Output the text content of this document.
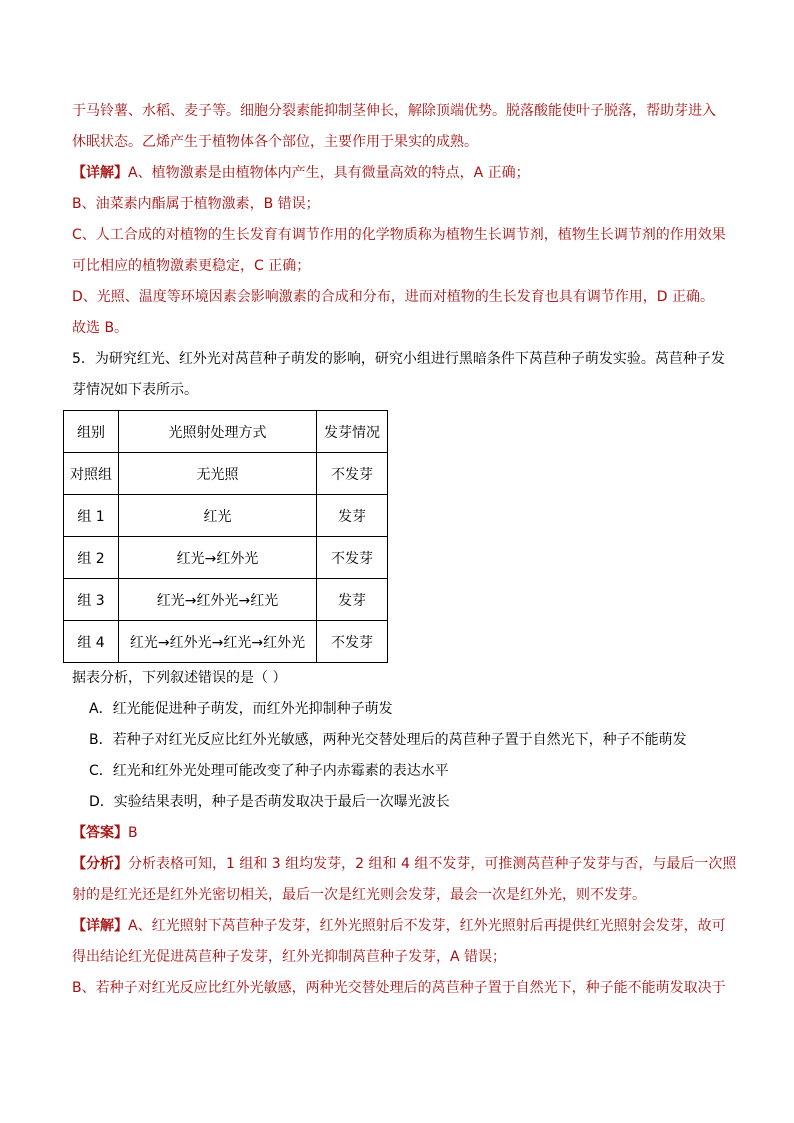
于马铃薯、水稻、麦子等。细胞分裂素能抑制茎伸长，解除顶端优势。脱落酸能使叶子脱落，帮助芽进入

休眠状态。乙烯产生于植物体各个部位，主要作用于果实的成熟。

【详解】A、植物激素是由植物体内产生，具有微量高效的特点，A 正确；

B、油菜素内酯属于植物激素，B 错误；

C、人工合成的对植物的生长发育有调节作用的化学物质称为植物生长调节剂，植物生长调节剂的作用效果

可比相应的植物激素更稳定，C 正确；

D、光照、温度等环境因素会影响激素的合成和分布，进而对植物的生长发育也具有调节作用，D 正确。

故选 B。

5．为研究红光、红外光对莴苣种子萌发的影响，研究小组进行黑暗条件下莴苣种子萌发实验。莴苣种子发

芽情况如下表所示。

组别	光照射处理方式	发芽情况
对照组	无光照	不发芽
组 1	红光	发芽
组 2	红光→红外光	不发芽
组 3	红光→红外光→红光	发芽
组 4	红光→红外光→红光→红外光	不发芽

据表分析，下列叙述错误的是（ ）

A．红光能促进种子萌发，而红外光抑制种子萌发

B．若种子对红光反应比红外光敏感，两种光交替处理后的莴苣种子置于自然光下，种子不能萌发

C．红光和红外光处理可能改变了种子内赤霉素的表达水平

D．实验结果表明，种子是否萌发取决于最后一次曝光波长

【答案】B

【分析】分析表格可知，1 组和 3 组均发芽，2 组和 4 组不发芽，可推测莴苣种子发芽与否，与最后一次照

射的是红光还是红外光密切相关，最后一次是红光则会发芽，最会一次是红外光，则不发芽。

【详解】A、红光照射下莴苣种子发芽，红外光照射后不发芽，红外光照射后再提供红光照射会发芽，故可

得出结论红光促进莴苣种子发芽，红外光抑制莴苣种子发芽，A 错误；

B、若种子对红光反应比红外光敏感，两种光交替处理后的莴苣种子置于自然光下，种子能不能萌发取决于
